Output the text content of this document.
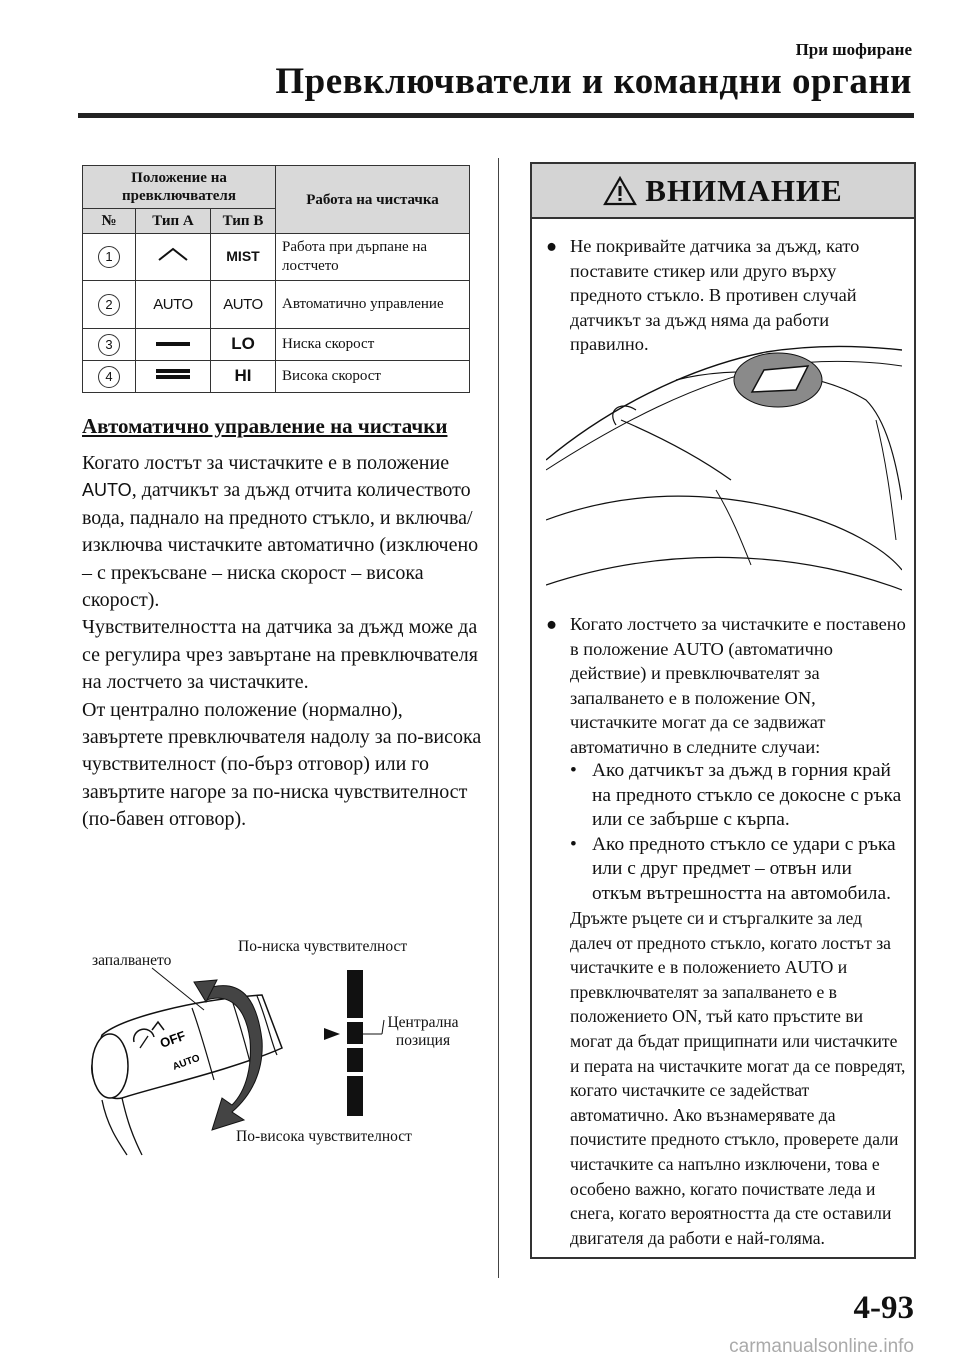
При шофиране
Превключватели и командни органи
Положение на превключвателя			Работа на чистачка
№	Тип A	Тип B	
1		MIST	Работа при дърпане на лостчето
2	AUTO	AUTO	Автоматично управление
3		LO	Ниска скорост
4		HI	Висока скорост
Автоматично управление на чистачки
Когато лостът за чистачките е в положение AUTO, датчикът за дъжд отчита количеството вода, паднало на предното стъкло, и включва/изключва чистачките автоматично (изключено – с прекъсване – ниска скорост – висока скорост).
Чувствителността на датчика за дъжд може да се регулира чрез завъртане на превключвателя на лостчето за чистачките.
От централно положение (нормално), завъртете превключвателя надолу за по-висока чувствителност (по-бърз отговор) или го завъртите нагоре за по-ниска чувствителност (по-бавен отговор).
OFF
AUTO
запалването
По-ниска чувствителност
Централна позиция
По-висока чувствителност
ВНИМАНИЕ
● Не покривайте датчика за дъжд, като поставите стикер или друго върху предното стъкло. В противен случай датчикът за дъжд няма да работи правилно.
● Когато лостчето за чистачките е поставено в положение AUTO (автоматично действие) и превключвателят за запалването е в положение ON, чистачките могат да се задвижат автоматично в следните случаи:
• Ако датчикът за дъжд в горния край на предното стъкло се докосне с ръка или се забърше с кърпа.
• Ако предното стъкло се удари с ръка или с друг предмет – отвън или откъм вътрешността на автомобила.
Дръжте ръцете си и стъргалките за лед далеч от предното стъкло, когато лостът за чистачките е в положението AUTO и превключвателят за запалването е в положението ON, тъй като пръстите ви могат да бъдат прищипнати или чистачките и перата на чистачките могат да се повредят, когато чистачките се задействат автоматично. Ако възнамерявате да почистите предното стъкло, проверете дали чистачките са напълно изключени, това е особено важно, когато почиствате леда и снега, когато вероятността да сте оставили двигателя да работи е най-голяма.
4-93
carmanualsonline.info
